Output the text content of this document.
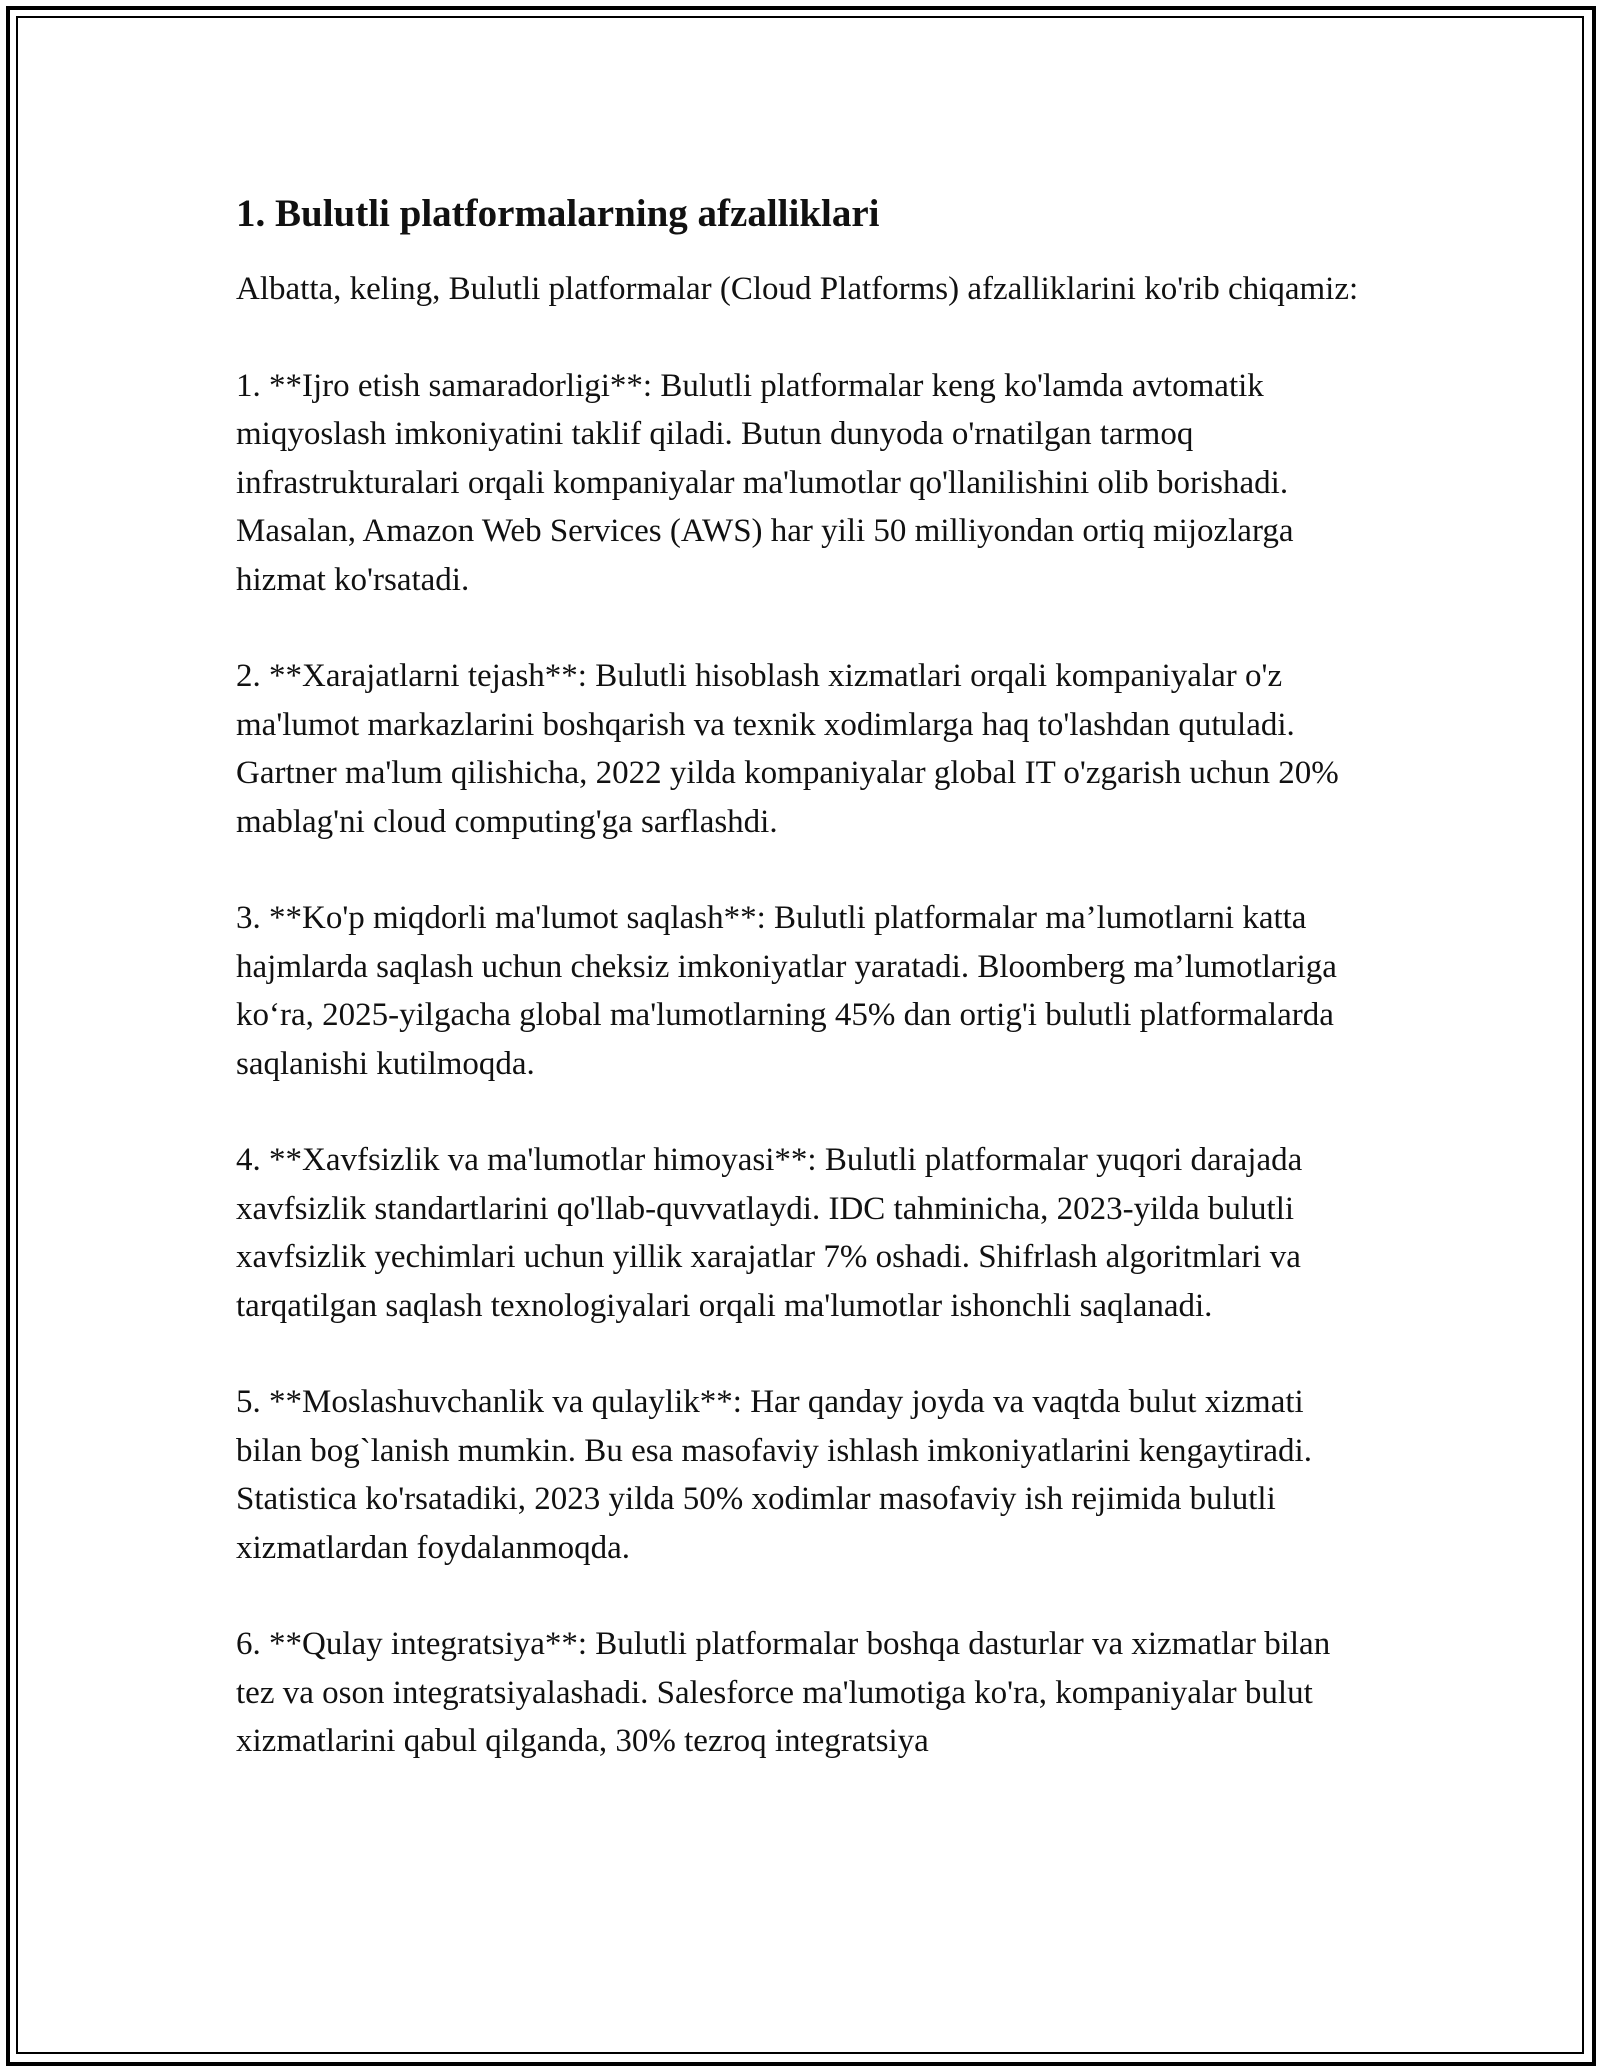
1. Bulutli platformalarning afzalliklari

Albatta, keling, Bulutli platformalar (Cloud Platforms) afzalliklarini ko'rib chiqamiz:

1. **Ijro etish samaradorligi**: Bulutli platformalar keng ko'lamda avtomatik miqyoslash imkoniyatini taklif qiladi. Butun dunyoda o'rnatilgan tarmoq infrastrukturalari orqali kompaniyalar ma'lumotlar qo'llanilishini olib borishadi. Masalan, Amazon Web Services (AWS) har yili 50 milliyondan ortiq mijozlarga hizmat ko'rsatadi.

2. **Xarajatlarni tejash**: Bulutli hisoblash xizmatlari orqali kompaniyalar o'z ma'lumot markazlarini boshqarish va texnik xodimlarga haq to'lashdan qutuladi. Gartner ma'lum qilishicha, 2022 yilda kompaniyalar global IT o'zgarish uchun 20% mablag'ni cloud computing'ga sarflashdi.

3. **Ko'p miqdorli ma'lumot saqlash**: Bulutli platformalar ma’lumotlarni katta hajmlarda saqlash uchun cheksiz imkoniyatlar yaratadi. Bloomberg ma’lumotlariga ko‘ra, 2025-yilgacha global ma'lumotlarning 45% dan ortig'i bulutli platformalarda saqlanishi kutilmoqda.

4. **Xavfsizlik va ma'lumotlar himoyasi**: Bulutli platformalar yuqori darajada xavfsizlik standartlarini qo'llab-quvvatlaydi. IDC tahminicha, 2023-yilda bulutli xavfsizlik yechimlari uchun yillik xarajatlar 7% oshadi. Shifrlash algoritmlari va tarqatilgan saqlash texnologiyalari orqali ma'lumotlar ishonchli saqlanadi.

5. **Moslashuvchanlik va qulaylik**: Har qanday joyda va vaqtda bulut xizmati bilan bog`lanish mumkin. Bu esa masofaviy ishlash imkoniyatlarini kengaytiradi. Statistica ko'rsatadiki, 2023 yilda 50% xodimlar masofaviy ish rejimida bulutli xizmatlardan foydalanmoqda.

6. **Qulay integratsiya**: Bulutli platformalar boshqa dasturlar va xizmatlar bilan tez va oson integratsiyalashadi. Salesforce ma'lumotiga ko'ra, kompaniyalar bulut xizmatlarini qabul qilganda, 30% tezroq integratsiya
